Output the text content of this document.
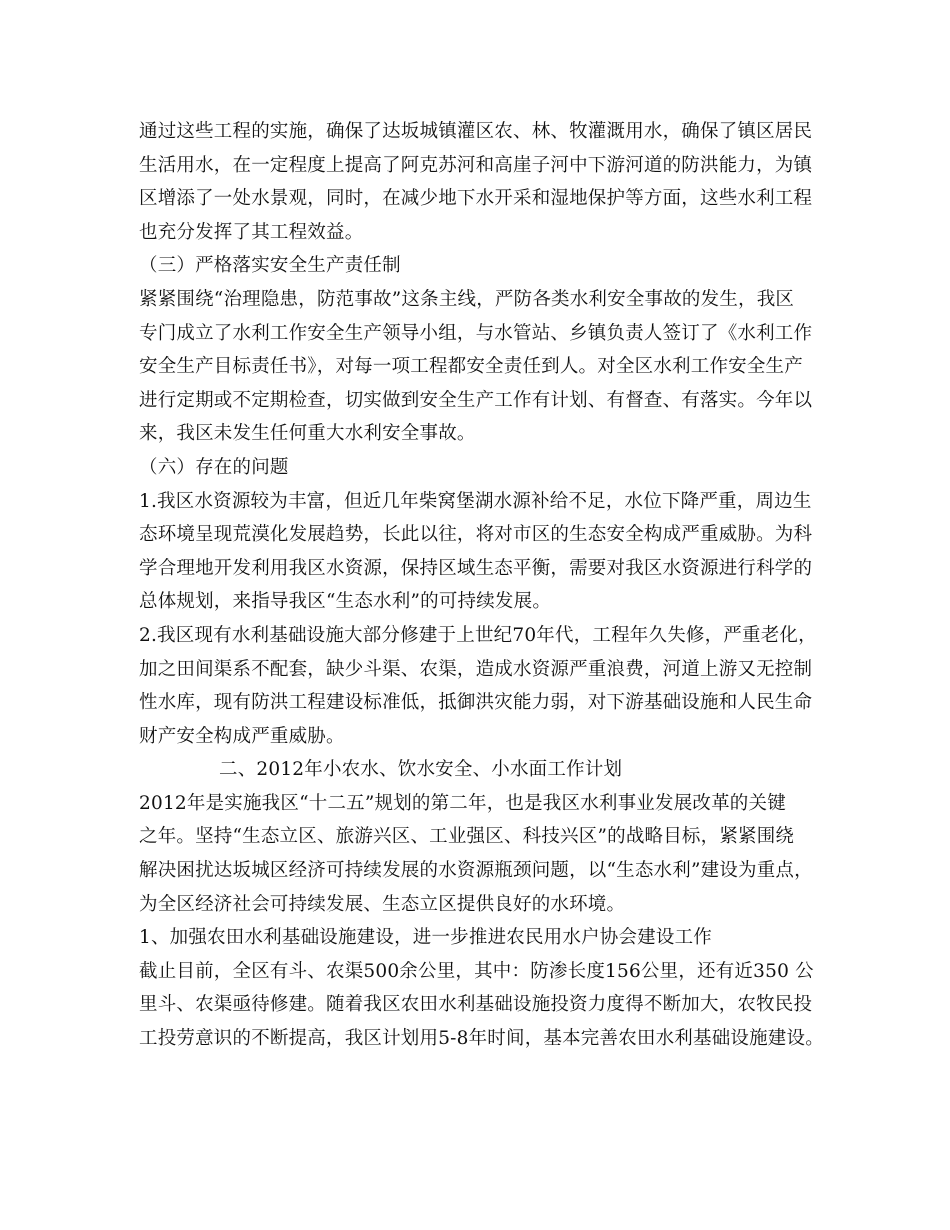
通过这些工程的实施，确保了达坂城镇灌区农、林、牧灌溉用水，确保了镇区居民
生活用水，在一定程度上提高了阿克苏河和高崖子河中下游河道的防洪能力，为镇
区增添了一处水景观，同时，在减少地下水开采和湿地保护等方面，这些水利工程
也充分发挥了其工程效益。
（三）严格落实安全生产责任制
紧紧围绕“治理隐患，防范事故”这条主线，严防各类水利安全事故的发生，我区
专门成立了水利工作安全生产领导小组，与水管站、乡镇负责人签订了《水利工作
安全生产目标责任书》，对每一项工程都安全责任到人。对全区水利工作安全生产
进行定期或不定期检查，切实做到安全生产工作有计划、有督查、有落实。今年以
来，我区未发生任何重大水利安全事故。
（六）存在的问题
1.我区水资源较为丰富，但近几年柴窝堡湖水源补给不足，水位下降严重，周边生
态环境呈现荒漠化发展趋势，长此以往，将对市区的生态安全构成严重威胁。为科
学合理地开发利用我区水资源，保持区域生态平衡，需要对我区水资源进行科学的
总体规划，来指导我区“生态水利”的可持续发展。
2.我区现有水利基础设施大部分修建于上世纪70年代，工程年久失修，严重老化，
加之田间渠系不配套，缺少斗渠、农渠，造成水资源严重浪费，河道上游又无控制
性水库，现有防洪工程建设标准低，抵御洪灾能力弱，对下游基础设施和人民生命
财产安全构成严重威胁。
二、2012年小农水、饮水安全、小水面工作计划
2012年是实施我区“十二五”规划的第二年，也是我区水利事业发展改革的关键
之年。坚持“生态立区、旅游兴区、工业强区、科技兴区”的战略目标，紧紧围绕
解决困扰达坂城区经济可持续发展的水资源瓶颈问题，以“生态水利”建设为重点，
为全区经济社会可持续发展、生态立区提供良好的水环境。
1、加强农田水利基础设施建设，进一步推进农民用水户协会建设工作
截止目前，全区有斗、农渠500余公里，其中：防渗长度156公里，还有近350 公
里斗、农渠亟待修建。随着我区农田水利基础设施投资力度得不断加大，农牧民投
工投劳意识的不断提高，我区计划用5-8年时间，基本完善农田水利基础设施建设。
